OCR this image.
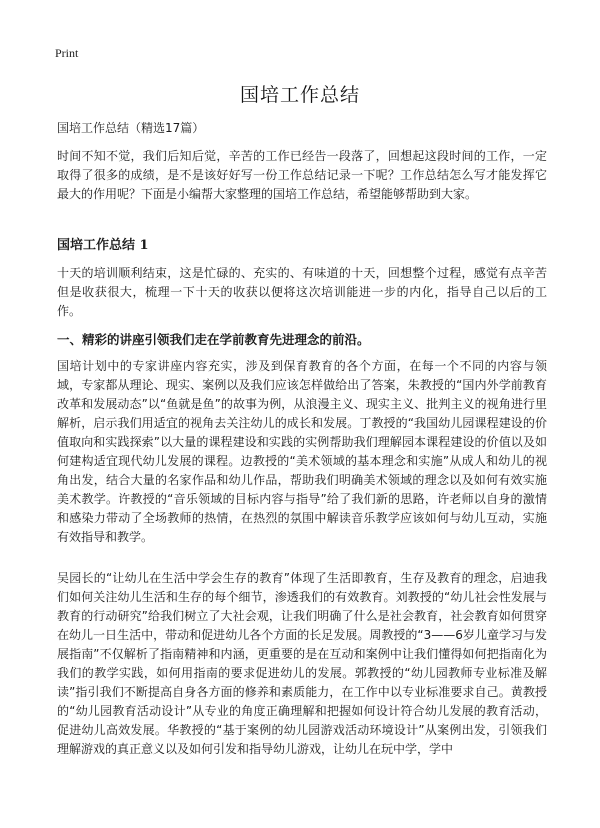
Print
国培工作总结

国培工作总结（精选17篇）

时间不知不觉，我们后知后觉，辛苦的工作已经告一段落了，回想起这段时间的工作，一定取得了很多的成绩，是不是该好好写一份工作总结记录一下呢？工作总结怎么写才能发挥它最大的作用呢？下面是小编帮大家整理的国培工作总结，希望能够帮助到大家。

国培工作总结 1

十天的培训顺利结束，这是忙碌的、充实的、有味道的十天，回想整个过程，感觉有点辛苦但是收获很大，梳理一下十天的收获以便将这次培训能进一步的内化，指导自己以后的工作。

一、精彩的讲座引领我们走在学前教育先进理念的前沿。

国培计划中的专家讲座内容充实，涉及到保育教育的各个方面，在每一个不同的内容与领域，专家都从理论、现实、案例以及我们应该怎样做给出了答案，朱教授的“国内外学前教育改革和发展动态”以“鱼就是鱼”的故事为例，从浪漫主义、现实主义、批判主义的视角进行里解析，启示我们用适宜的视角去关注幼儿的成长和发展。丁教授的“我国幼儿园课程建设的价值取向和实践探索”以大量的课程建设和实践的实例帮助我们理解园本课程建设的价值以及如何建构适宜现代幼儿发展的课程。边教授的“美术领域的基本理念和实施”从成人和幼儿的视角出发，结合大量的名家作品和幼儿作品，帮助我们明确美术领域的理念以及如何有效实施美术教学。许教授的“音乐领域的目标内容与指导”给了我们新的思路，许老师以自身的激情和感染力带动了全场教师的热情，在热烈的氛围中解读音乐教学应该如何与幼儿互动，实施有效指导和教学。

吴园长的“让幼儿在生活中学会生存的教育”体现了生活即教育，生存及教育的理念，启迪我们如何关注幼儿生活和生存的每个细节，渗透我们的有效教育。刘教授的“幼儿社会性发展与教育的行动研究”给我们树立了大社会观，让我们明确了什么是社会教育，社会教育如何贯穿在幼儿一日生活中，带动和促进幼儿各个方面的长足发展。周教授的“3——6岁儿童学习与发展指南”不仅解析了指南精神和内涵，更重要的是在互动和案例中让我们懂得如何把指南化为我们的教学实践，如何用指南的要求促进幼儿的发展。郭教授的“幼儿园教师专业标准及解读”指引我们不断提高自身各方面的修养和素质能力，在工作中以专业标准要求自己。黄教授的“幼儿园教育活动设计”从专业的角度正确理解和把握如何设计符合幼儿发展的教育活动，促进幼儿高效发展。华教授的“基于案例的幼儿园游戏活动环境设计”从案例出发，引领我们理解游戏的真正意义以及如何引发和指导幼儿游戏，让幼儿在玩中学，学中
